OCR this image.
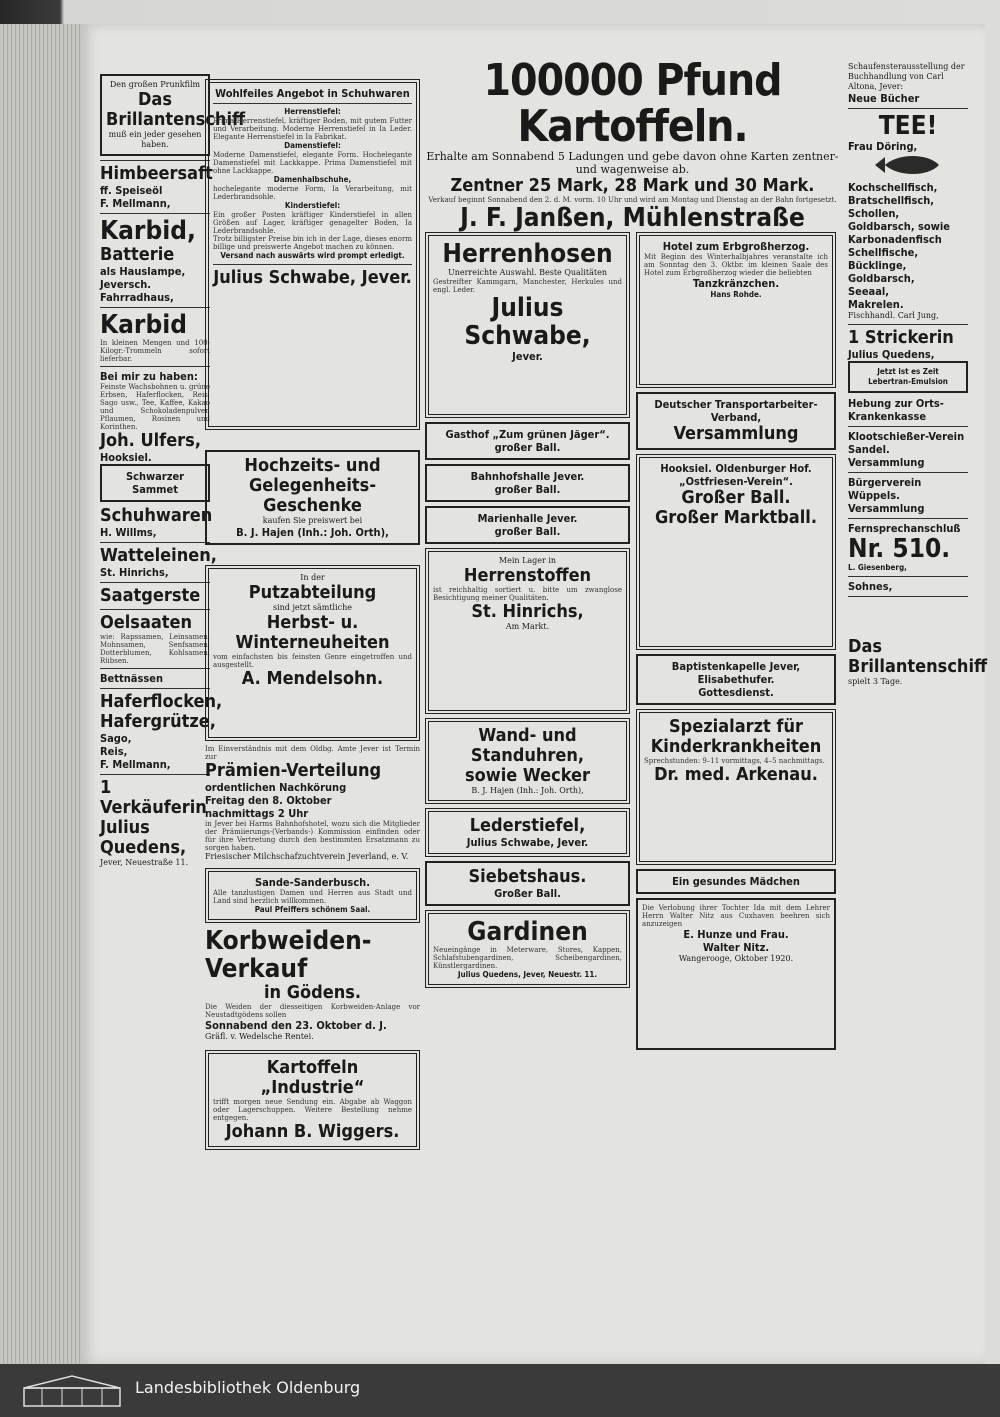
Den großen Prunkfilm
Das Brillantenschiff
muß ein jeder gesehen haben.
Himbeersaft
ff. Speiseöl
F. Mellmann,
Karbid,
Batterie
als Hauslampe,
Jeversch. Fahrradhaus,
Karbid
In kleinen Mengen und 100-Kilogr.-Trommeln sofort lieferbar.
Bei mir zu haben:
Feinste Wachsbohnen u. grüne Erbsen, Haferflocken, Reis, Sago usw., Tee, Kaffee, Kakao und Schokoladenpulver, Pflaumen, Rosinen und Korinthen.
Joh. Ulfers,
Hooksiel.
Schwarzer Sammet
Schuhwaren
H. Willms,
Watteleinen,
St. Hinrichs,
Saatgerste
Oelsaaten
wie: Rapssamen, Leinsamen, Mohnsamen, Senfsamen, Dotterblumen, Kohlsamen, Rübsen.
Bettnässen
Haferflocken,
Hafergrütze,
Sago,
Reis,
F. Mellmann,
1 Verkäuferin
Julius Quedens,
Jever, Neuestraße 11.
Wohlfeiles Angebot in Schuhwaren
Herrenstiefel:
Prima Herrenstiefel, kräftiger Boden, mit gutem Futter und Verarbeitung. Moderne Herrenstiefel in Ia Leder. Elegante Herrenstiefel in Ia Fabrikat.
Damenstiefel:
Moderne Damenstiefel, elegante Form. Hochelegante Damenstiefel mit Lackkappe. Prima Damenstiefel mit ohne Lackkappe.
Damenhalbschuhe,
hochelegante moderne Form, Ia Verarbeitung, mit Lederbrandsohle.
Kinderstiefel:
Ein großer Posten kräftiger Kinderstiefel in allen Größen auf Lager, kräftiger genagelter Boden, Ia Lederbrandsohle.
Trotz billigster Preise bin ich in der Lage, dieses enorm billige und preiswerte Angebot machen zu können.
Versand nach auswärts wird prompt erledigt.
Julius Schwabe, Jever.
Hochzeits- und Gelegenheits-Geschenke
kaufen Sie preiswert bei
B. J. Hajen (Inh.: Joh. Orth),
In der
Putzabteilung
sind jetzt sämtliche
Herbst- u. Winterneuheiten
vom einfachsten bis feinsten Genre eingetroffen und ausgestellt.
A. Mendelsohn.
Im Einverständnis mit dem Oldbg. Amte Jever ist Termin zur
Prämien-Verteilung
ordentlichen Nachkörung
Freitag den 8. Oktober
nachmittags 2 Uhr
in Jever bei Harms Bahnhofshotel, wozu sich die Mitglieder der Prämiierungs-(Verbands-) Kommission einfinden oder für ihre Vertretung durch den bestimmten Ersatzmann zu sorgen haben.
Friesischer Milchschafzuchtverein Jeverland, e. V.
Sande-Sanderbusch.
Alle tanzlustigen Damen und Herren aus Stadt und Land sind herzlich willkommen.
Paul Pfeiffers schönem Saal.
Korbweiden-Verkauf
in Gödens.
Die Weiden der diesseitigen Korbweiden-Anlage vor Neustadtgödens sollen
Sonnabend den 23. Oktober d. J.
Gräfl. v. Wedelsche Rentei.
Kartoffeln „Industrie“
trifft morgen neue Sendung ein. Abgabe ab Waggon oder Lagerschuppen. Weitere Bestellung nehme entgegen.
Johann B. Wiggers.
100000 Pfund Kartoffeln.
Erhalte am Sonnabend 5 Ladungen und gebe davon ohne Karten zentner- und wagenweise ab.
Zentner 25 Mark, 28 Mark und 30 Mark.
Verkauf beginnt Sonnabend den 2. d. M. vorm. 10 Uhr und wird am Montag und Dienstag an der Bahn fortgesetzt.
J. F. Janßen, Mühlenstraße
Herrenhosen
Unerreichte Auswahl. Beste Qualitäten
Gestreifter Kammgarn, Manchester, Herkules und engl. Leder.
Julius Schwabe,
Jever.
Gasthof „Zum grünen Jäger“.
großer Ball.
Bahnhofshalle Jever.
großer Ball.
Marienhalle Jever.
großer Ball.
Mein Lager in
Herrenstoffen
ist reichhaltig sortiert u. bitte um zwanglose Besichtigung meiner Qualitäten.
St. Hinrichs,
Am Markt.
Wand- und Standuhren,
sowie Wecker
B. J. Hajen (Inh.: Joh. Orth),
Lederstiefel,
Julius Schwabe, Jever.
Siebetshaus.
Großer Ball.
Gardinen
Neueingänge in Meterware, Stores, Kappen, Schlafstubengardinen, Scheibengardinen, Künstlergardinen.
Julius Quedens, Jever, Neuestr. 11.
Hotel zum Erbgroßherzog.
Mit Beginn des Winterhalbjahres veranstalte ich am Sonntag den 3. Oktbr. im kleinen Saale des Hotel zum Erbgroßherzog wieder die beliebten
Tanzkränzchen.
Hans Rohde.
Deutscher Transportarbeiter-Verband,
Versammlung
Hooksiel. Oldenburger Hof.
„Ostfriesen-Verein“.
Großer Ball.
Großer Marktball.
Baptistenkapelle Jever, Elisabethufer.
Gottesdienst.
Spezialarzt für Kinderkrankheiten
Sprechstunden: 9–11 vormittags, 4–5 nachmittags.
Dr. med. Arkenau.
Ein gesundes Mädchen
Die Verlobung ihrer Tochter Ida mit dem Lehrer Herrn Walter Nitz aus Cuxhaven beehren sich anzuzeigen
E. Hunze und Frau.
Walter Nitz.
Wangerooge, Oktober 1920.
Schaufensterausstellung der Buchhandlung von Carl Altona, Jever:
Neue Bücher
TEE!
Frau Döring,
Kochschellfisch, Bratschellfisch, Schollen, Goldbarsch, sowie Karbonadenfisch
Schellfische,
Bücklinge,
Goldbarsch,
Seeaal,
Makrelen.
Fischhandl. Carl Jung,
1 Strickerin
Julius Quedens,
Jetzt ist es Zeit
Lebertran-Emulsion
Hebung zur Orts-Krankenkasse
Klootschießer-Verein Sandel.
Versammlung
Bürgerverein Wüppels.
Versammlung
Fernsprechanschluß
Nr. 510.
L. Giesenberg,
Sohnes,
Das Brillantenschiff
spielt 3 Tage.
Landesbibliothek Oldenburg
